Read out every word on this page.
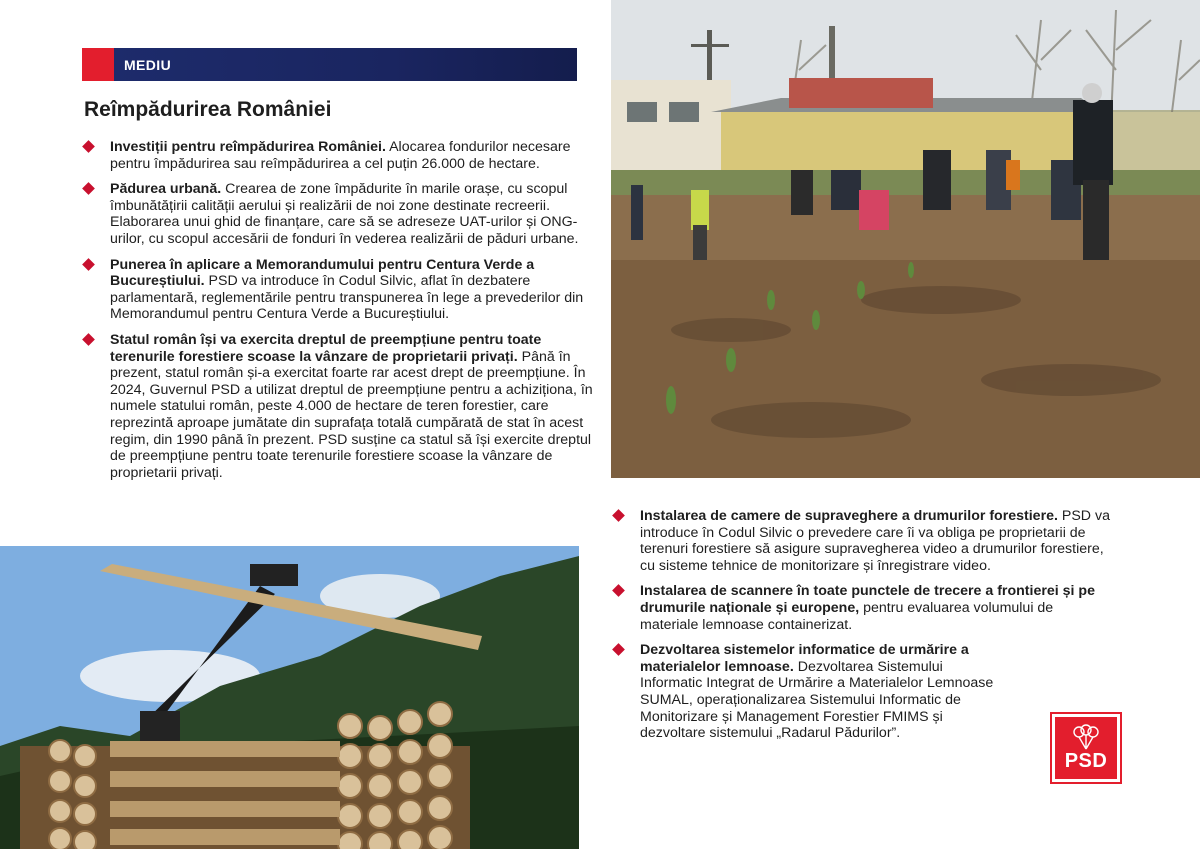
MEDIU
Reîmpădurirea României
Investiții pentru reîmpădurirea României. Alocarea fondurilor necesare pentru împădurirea sau reîmpădurirea a cel puțin 26.000 de hectare.
Pădurea urbană. Crearea de zone împădurite în marile orașe, cu scopul îmbunătățirii calității aerului și realizării de noi zone destinate recreerii. Elaborarea unui ghid de finanțare, care să se adreseze UAT-urilor și ONG-urilor, cu scopul accesării de fonduri în vederea realizării de păduri urbane.
Punerea în aplicare a Memorandumului pentru Centura Verde a Bucureștiului. PSD va introduce în Codul Silvic, aflat în dezbatere parlamentară, reglementările pentru transpunerea în lege a prevederilor din Memorandumul pentru Centura Verde a Bucureștiului.
Statul român își va exercita dreptul de preempțiune pentru toate terenurile forestiere scoase la vânzare de proprietarii privați. Până în prezent, statul român și-a exercitat foarte rar acest drept de preempțiune. În 2024, Guvernul PSD a utilizat dreptul de preempțiune pentru a achiziționa, în numele statului român, peste 4.000 de hectare de teren forestier, care reprezintă aproape jumătate din suprafața totală cumpărată de stat în acest regim, din 1990 până în prezent. PSD susține ca statul să își exercite dreptul de preempțiune pentru toate terenurile forestiere scoase la vânzare de proprietarii privați.
Instalarea de camere de supraveghere a drumurilor forestiere. PSD va introduce în Codul Silvic o prevedere care îi va obliga pe proprietarii de terenuri forestiere să asigure supravegherea video a drumurilor forestiere, cu sisteme tehnice de monitorizare și înregistrare video.
Instalarea de scannere în toate punctele de trecere a frontierei și pe drumurile naționale și europene, pentru evaluarea volumului de materiale lemnoase containerizat.
Dezvoltarea sistemelor informatice de urmărire a materialelor lemnoase. Dezvoltarea Sistemului Informatic Integrat de Urmărire a Materialelor Lemnoase SUMAL, operaționalizarea Sistemului Informatic de Monitorizare și Management Forestier FMIMS și dezvoltare sistemului „Radarul Pădurilor”.
PSD
